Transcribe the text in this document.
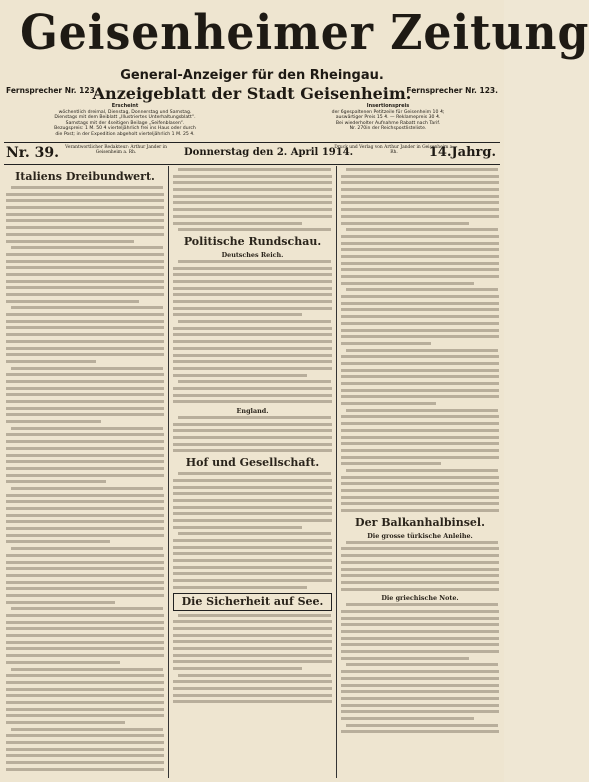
Geisenheimer Zeitung
General-Anzeiger für den Rheingau.
Fernsprecher Nr. 123.
Anzeigeblatt der Stadt Geisenheim.
Fernsprecher Nr. 123.
Erscheint
wöchentlich dreimal, Dienstag, Donnerstag und Samstag.
Dienstags mit dem Beiblatt „Illustriertes Unterhaltungsblatt“.
Samstags mit der 4seitigen Beilage „Seifenblasen“.
Bezugspreis: 1 M. 50 ₰ vierteljährlich frei ins Haus oder durch
die Post; in der Expedition abgeholt vierteljährlich 1 M. 25 ₰.
Insertionspreis
der 6gespaltenen Petitzeile für Geisenheim 10 ₰;
auswärtiger Preis 15 ₰. — Reklamepreis 30 ₰.
Bei wiederholter Aufnahme Rabatt nach Tarif.
Nr. 270in der Reichspostlisteliste.
Nr. 39.	Verantwortlicher Redakteur: Arthur Jander in Geisenheim a. Rh.	Donnerstag den 2. April 1914.
Druck und Verlag von Arthur Jander in Geisenheim a. Rh.	14.Jahrg.
Italiens Dreibundwert.
Politische Rundschau.
Deutsches Reich.
England.
Hof und Gesellschaft.
Die Sicherheit auf See.
Der Balkanhalbinsel.
Die grosse türkische Anleihe.
Die griechische Note.
